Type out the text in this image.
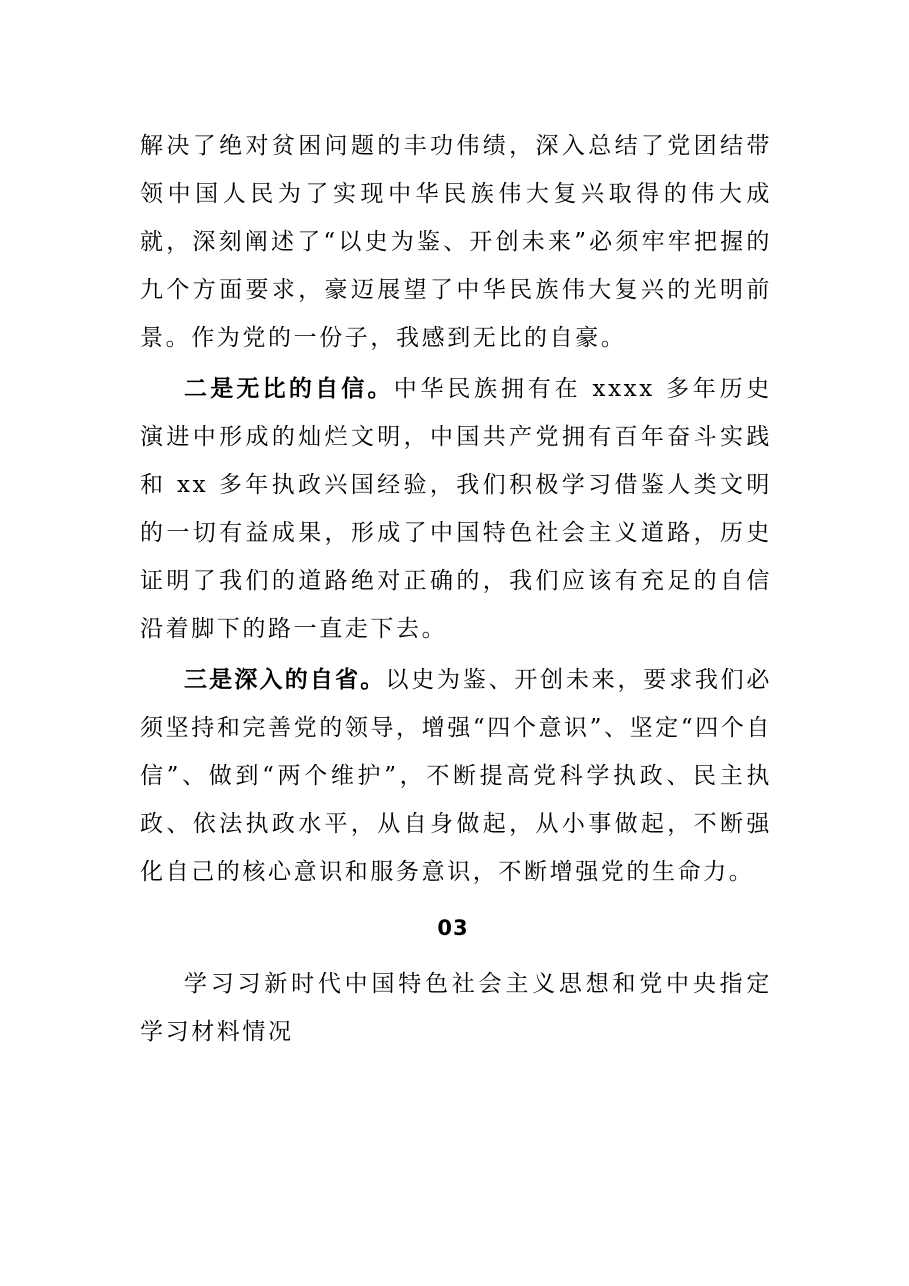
解决了绝对贫困问题的丰功伟绩，深入总结了党团结带领中国人民为了实现中华民族伟大复兴取得的伟大成就，深刻阐述了“以史为鉴、开创未来”必须牢牢把握的九个方面要求，豪迈展望了中华民族伟大复兴的光明前景。作为党的一份子，我感到无比的自豪。

二是无比的自信。中华民族拥有在 xxxx 多年历史演进中形成的灿烂文明，中国共产党拥有百年奋斗实践和 xx 多年执政兴国经验，我们积极学习借鉴人类文明的一切有益成果，形成了中国特色社会主义道路，历史证明了我们的道路绝对正确的，我们应该有充足的自信沿着脚下的路一直走下去。

三是深入的自省。以史为鉴、开创未来，要求我们必须坚持和完善党的领导，增强“四个意识”、坚定“四个自信”、做到“两个维护”，不断提高党科学执政、民主执政、依法执政水平，从自身做起，从小事做起，不断强化自己的核心意识和服务意识，不断增强党的生命力。

03

学习习新时代中国特色社会主义思想和党中央指定学习材料情况
